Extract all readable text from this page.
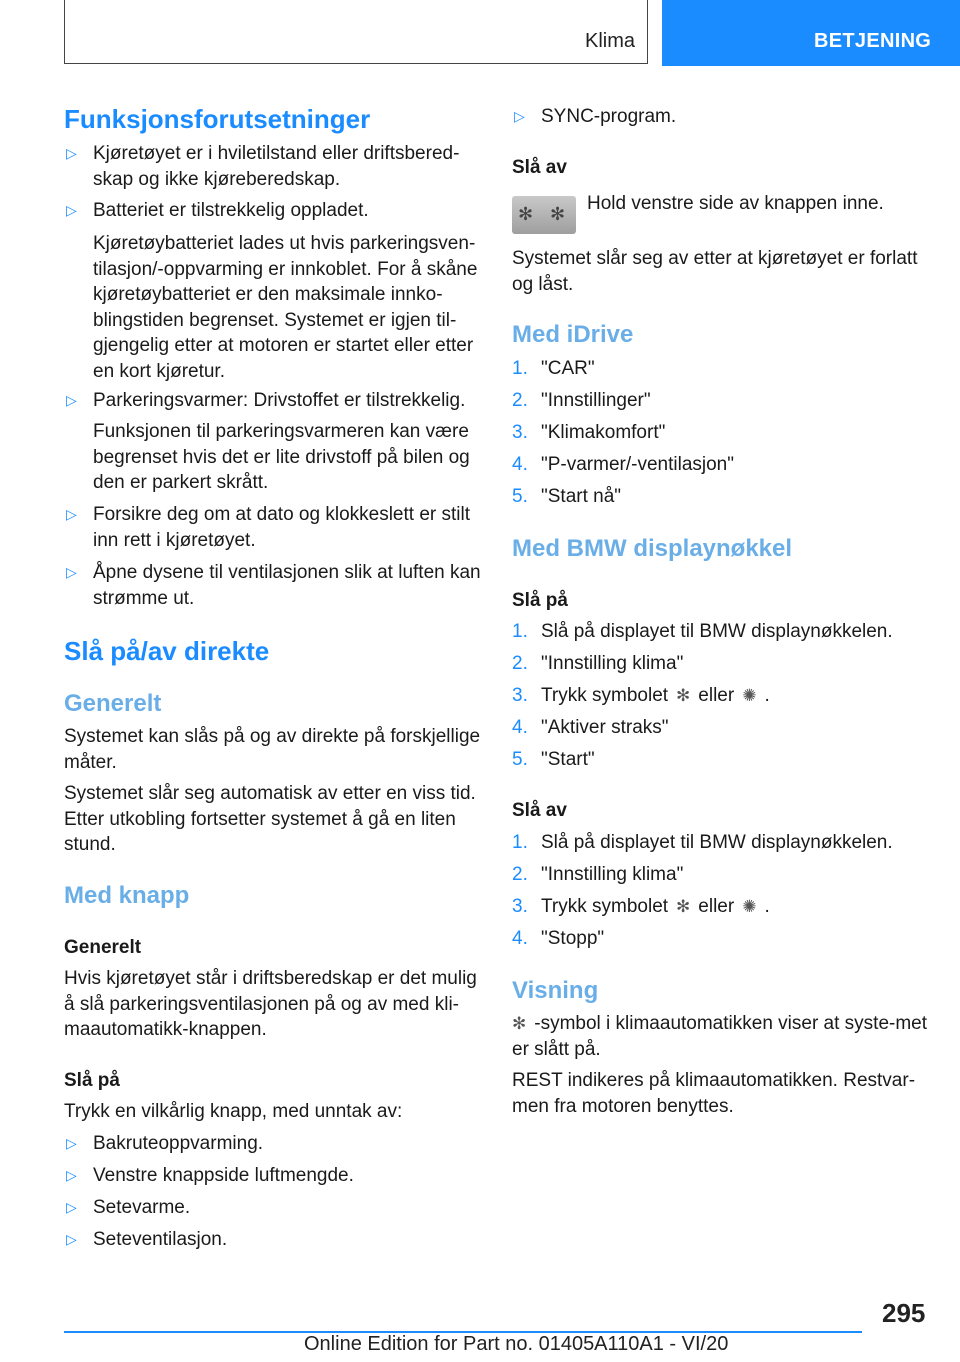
Klima	BETJENING
Funksjonsforutsetninger
▷ Kjøretøyet er i hviletilstand eller driftsbered-skap og ikke kjøreberedskap.
▷ Batteriet er tilstrekkelig oppladet.
Kjøretøybatteriet lades ut hvis parkeringsven-tilasjon/-oppvarming er innkoblet. For å skåne kjøretøybatteriet er den maksimale innko-blingstiden begrenset. Systemet er igjen til-gjengelig etter at motoren er startet eller etter en kort kjøretur.
▷ Parkeringsvarmer: Drivstoffet er tilstrekkelig.
Funksjonen til parkeringsvarmeren kan være begrenset hvis det er lite drivstoff på bilen og den er parkert skrått.
▷ Forsikre deg om at dato og klokkeslett er stilt inn rett i kjøretøyet.
▷ Åpne dysene til ventilasjonen slik at luften kan strømme ut.
Slå på/av direkte
Generelt
Systemet kan slås på og av direkte på forskjellige måter.
Systemet slår seg automatisk av etter en viss tid. Etter utkobling fortsetter systemet å gå en liten stund.
Med knapp
Generelt
Hvis kjøretøyet står i driftsberedskap er det mulig å slå parkeringsventilasjonen på og av med kli-maautomatikk-knappen.
Slå på
Trykk en vilkårlig knapp, med unntak av:
▷ Bakruteoppvarming.
▷ Venstre knappside luftmengde.
▷ Setevarme.
▷ Seteventilasjon.
▷ SYNC-program.
Slå av
✻ ✻ Hold venstre side av knappen inne.
Systemet slår seg av etter at kjøretøyet er forlatt og låst.
Med iDrive
1. "CAR"
2. "Innstillinger"
3. "Klimakomfort"
4. "P-varmer/-ventilasjon"
5. "Start nå"
Med BMW displaynøkkel
Slå på
1. Slå på displayet til BMW displaynøkkelen.
2. "Innstilling klima"
3. Trykk symbolet ✻ eller ✺ .
4. "Aktiver straks"
5. "Start"
Slå av
1. Slå på displayet til BMW displaynøkkelen.
2. "Innstilling klima"
3. Trykk symbolet ✻ eller ✺ .
4. "Stopp"
Visning
✻ -symbol i klimaautomatikken viser at syste-met er slått på.
REST indikeres på klimaautomatikken. Restvar-men fra motoren benyttes.
295
Online Edition for Part no. 01405A110A1 - VI/20
